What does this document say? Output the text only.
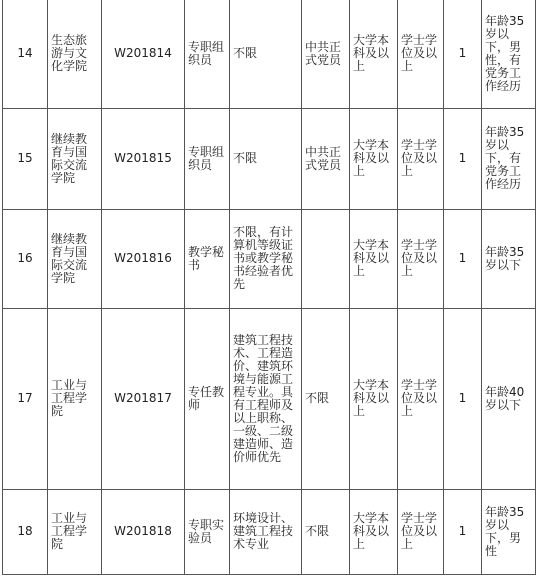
14	生态旅游与文化学院	W201814	专职组织员	不限	中共正式党员	大学本科及以上	学士学位及以上	1	年龄35岁以下，男性，有党务工作经历
15	继续教育与国际交流学院	W201815	专职组织员	不限	中共正式党员	大学本科及以上	学士学位及以上	1	年龄35岁以下，有党务工作经历
16	继续教育与国际交流学院	W201816	教学秘书	不限，有计算机等级证书或教学秘书经验者优先		大学本科及以上	学士学位及以上	1	年龄35岁以下
17	工业与工程学院	W201817	专任教师	建筑工程技术、工程造价、建筑环境与能源工程专业。具有工程师及以上职称、一级、二级建造师、造价师优先	不限	大学本科及以上	学士学位及以上	1	年龄40岁以下
18	工业与工程学院	W201818	专职实验员	环境设计、建筑工程技术专业	不限	大学本科及以上	学士学位及以上	1	年龄35岁以下，男性
